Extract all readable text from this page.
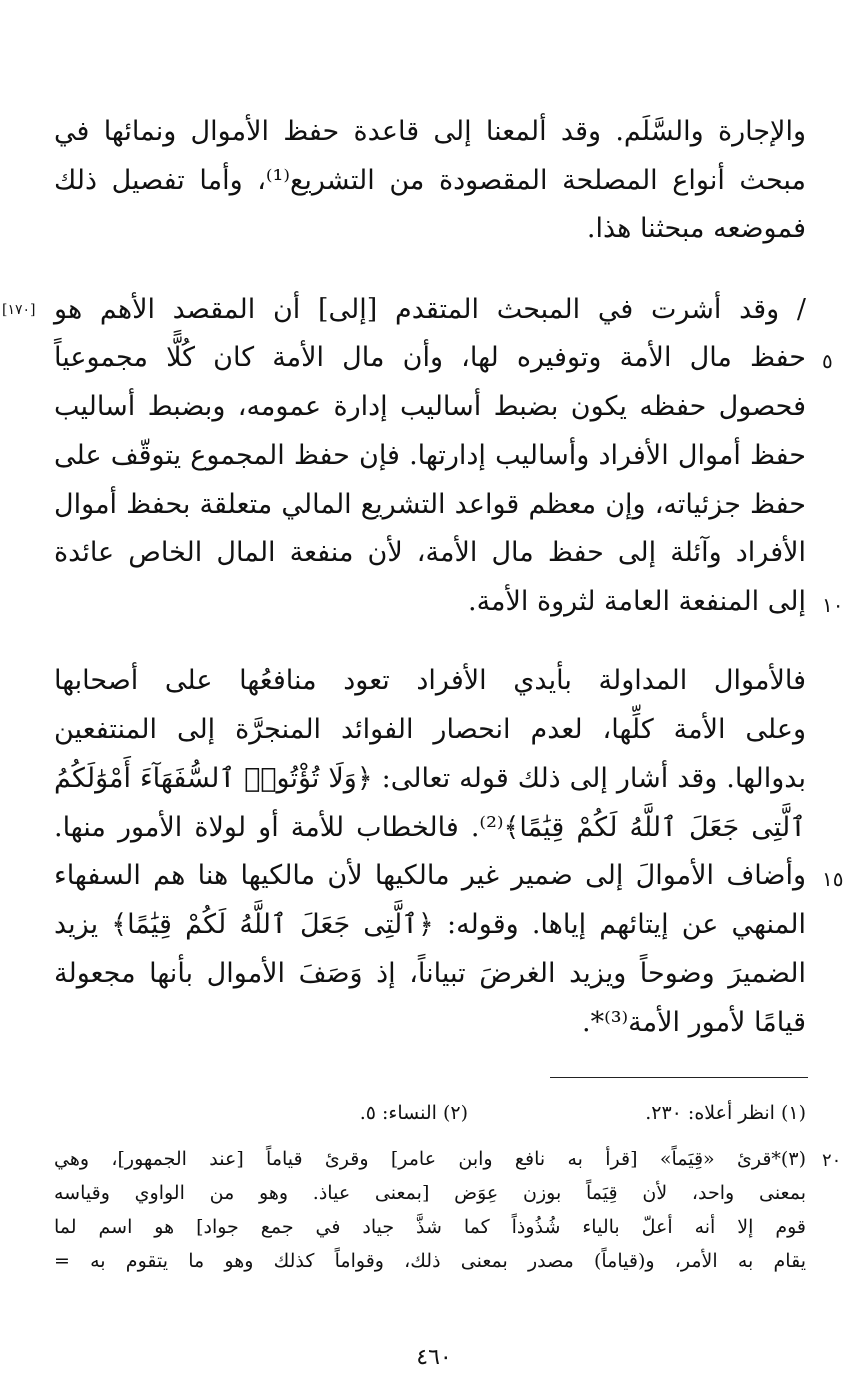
والإجارة والسَّلَم. وقد ألمعنا إلى قاعدة حفظ الأموال ونمائها في
مبحث أنواع المصلحة المقصودة من التشريع⁽¹⁾، وأما تفصيل ذلك
فموضعه مبحثنا هذا.
[١٧٠] / وقد أشرت في المبحث المتقدم [إلى] أن المقصد الأهم هو
٥
حفظ مال الأمة وتوفيره لها، وأن مال الأمة كان كُلًّا مجموعياً
فحصول حفظه يكون بضبط أساليب إدارة عمومه، وبضبط أساليب
حفظ أموال الأفراد وأساليب إدارتها. فإن حفظ المجموع يتوقّف على
حفظ جزئياته، وإن معظم قواعد التشريع المالي متعلقة بحفظ أموال
الأفراد وآئلة إلى حفظ مال الأمة، لأن منفعة المال الخاص عائدة
١٠
إلى المنفعة العامة لثروة الأمة.
فالأموال المداولة بأيدي الأفراد تعود منافعُها على أصحابها
وعلى الأمة كلِّها، لعدم انحصار الفوائد المنجرَّة إلى المنتفعين
بدوالها. وقد أشار إلى ذلك قوله تعالى: ﴿وَلَا تُؤْتُوا۟ ٱلسُّفَهَآءَ أَمْوَٰلَكُمُ
ٱلَّتِى جَعَلَ ٱللَّهُ لَكُمْ قِيَٰمًا﴾⁽²⁾. فالخطاب للأمة أو لولاة الأمور منها.
١٥
وأضاف الأموالَ إلى ضمير غير مالكيها لأن مالكيها هنا هم السفهاء
المنهي عن إيتائهم إياها. وقوله: ﴿ٱلَّتِى جَعَلَ ٱللَّهُ لَكُمْ قِيَٰمًا﴾ يزيد
الضميرَ وضوحاً ويزيد الغرضَ تبياناً، إذ وَصَفَ الأموال بأنها مجعولة
قيامًا لأمور الأمة⁽³⁾*.
(١) انظر أعلاه: ٢٣٠.
(٢) النساء: ٥.
٢٠
(٣)*قرئ «قِيَماً» [قرأ به نافع وابن عامر] وقرئ قياماً [عند الجمهور]، وهي
بمعنى واحد، لأن قِيَماً بوزن عِوَض [بمعنى عياذ. وهو من الواوي وقياسه
قوم إلا أنه أعلّ بالياء شُذُوذاً كما شذَّ جياد في جمع جواد] هو اسم لما
يقام به الأمر، و(قياماً) مصدر بمعنى ذلك، وقواماً كذلك وهو ما يتقوم به =
٤٦٠
